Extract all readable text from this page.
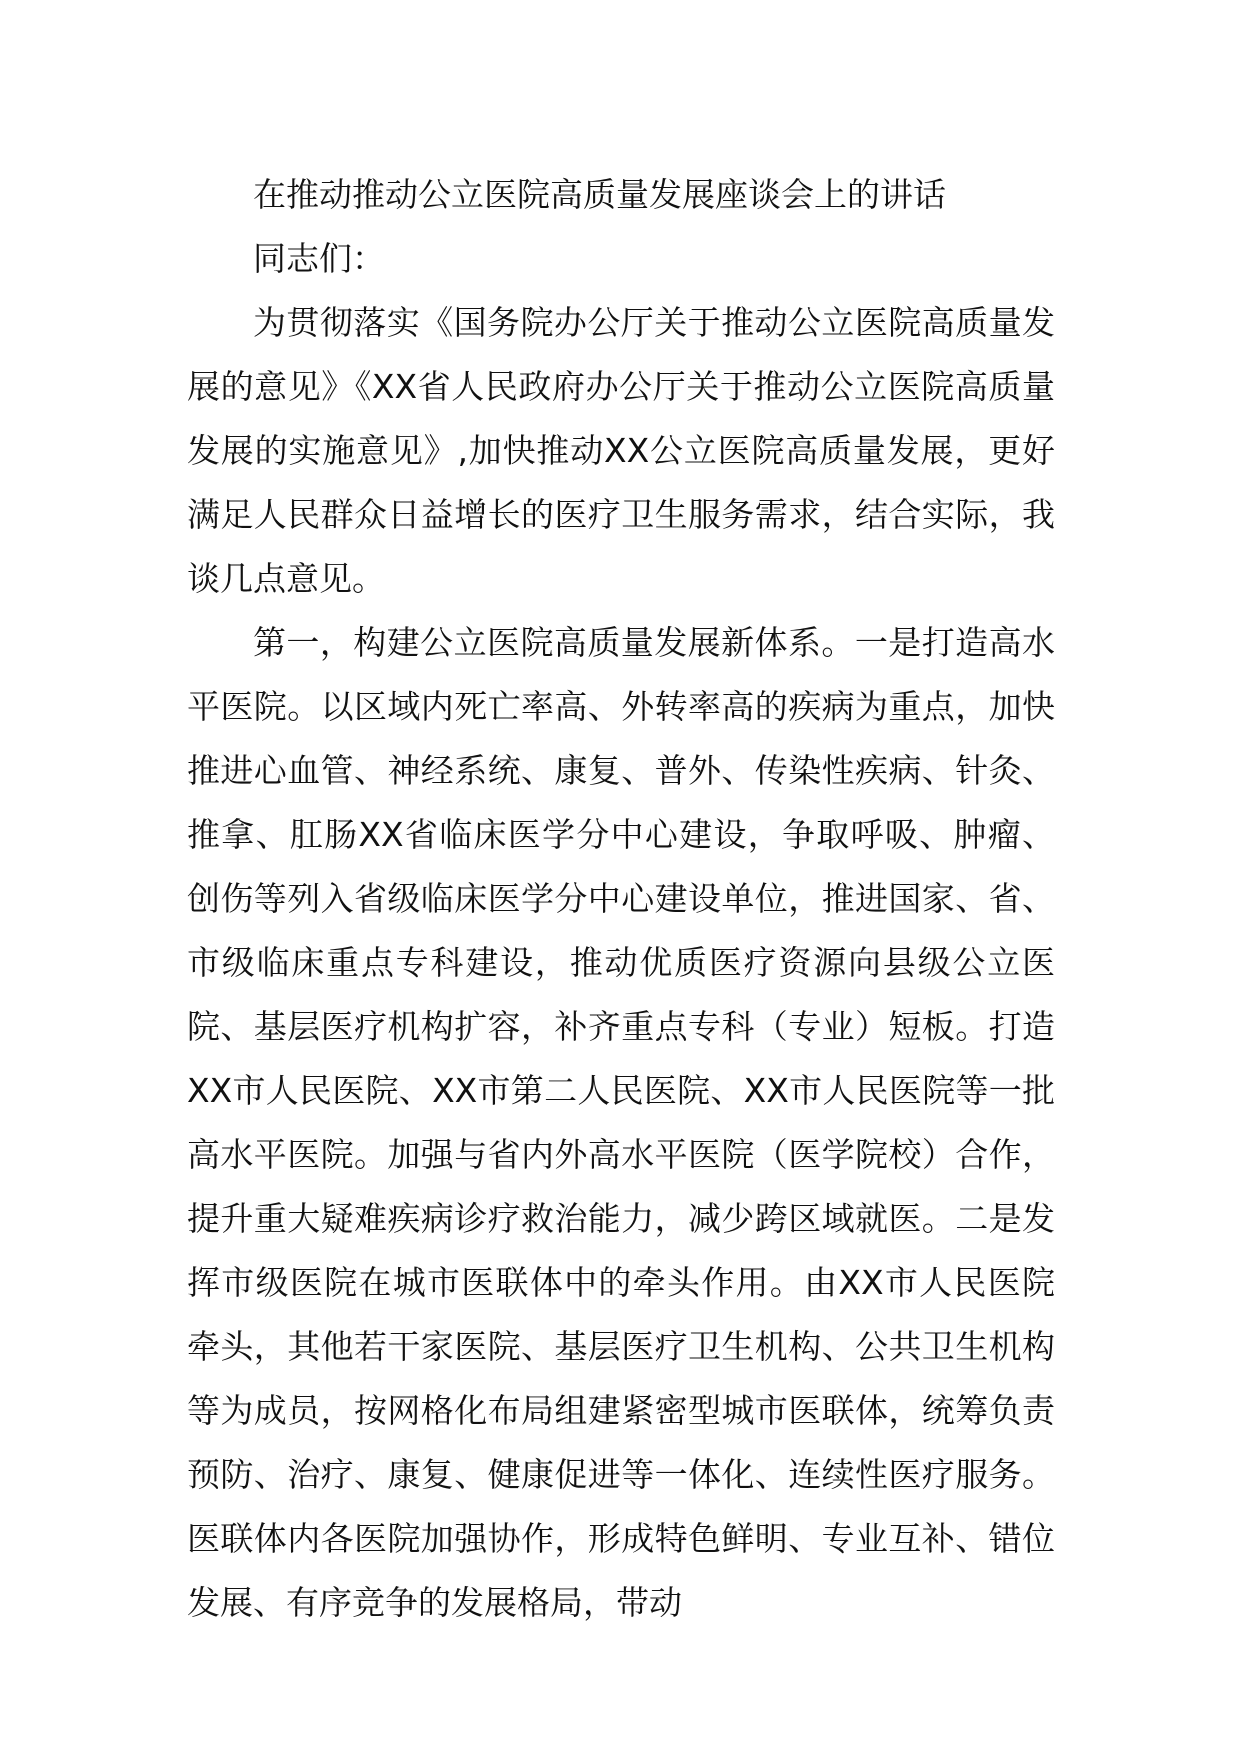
在推动推动公立医院高质量发展座谈会上的讲话

同志们：

为贯彻落实《国务院办公厅关于推动公立医院高质量发展的意见》《XX省人民政府办公厅关于推动公立医院高质量发展的实施意见》,加快推动XX公立医院高质量发展，更好满足人民群众日益增长的医疗卫生服务需求，结合实际，我谈几点意见。

第一，构建公立医院高质量发展新体系。一是打造高水平医院。以区域内死亡率高、外转率高的疾病为重点，加快推进心血管、神经系统、康复、普外、传染性疾病、针灸、推拿、肛肠XX省临床医学分中心建设，争取呼吸、肿瘤、创伤等列入省级临床医学分中心建设单位，推进国家、省、市级临床重点专科建设，推动优质医疗资源向县级公立医院、基层医疗机构扩容，补齐重点专科（专业）短板。打造XX市人民医院、XX市第二人民医院、XX市人民医院等一批高水平医院。加强与省内外高水平医院（医学院校）合作，提升重大疑难疾病诊疗救治能力，减少跨区域就医。二是发挥市级医院在城市医联体中的牵头作用。由XX市人民医院牵头，其他若干家医院、基层医疗卫生机构、公共卫生机构等为成员，按网格化布局组建紧密型城市医联体，统筹负责预防、治疗、康复、健康促进等一体化、连续性医疗服务。医联体内各医院加强协作，形成特色鲜明、专业互补、错位发展、有序竞争的发展格局，带动
